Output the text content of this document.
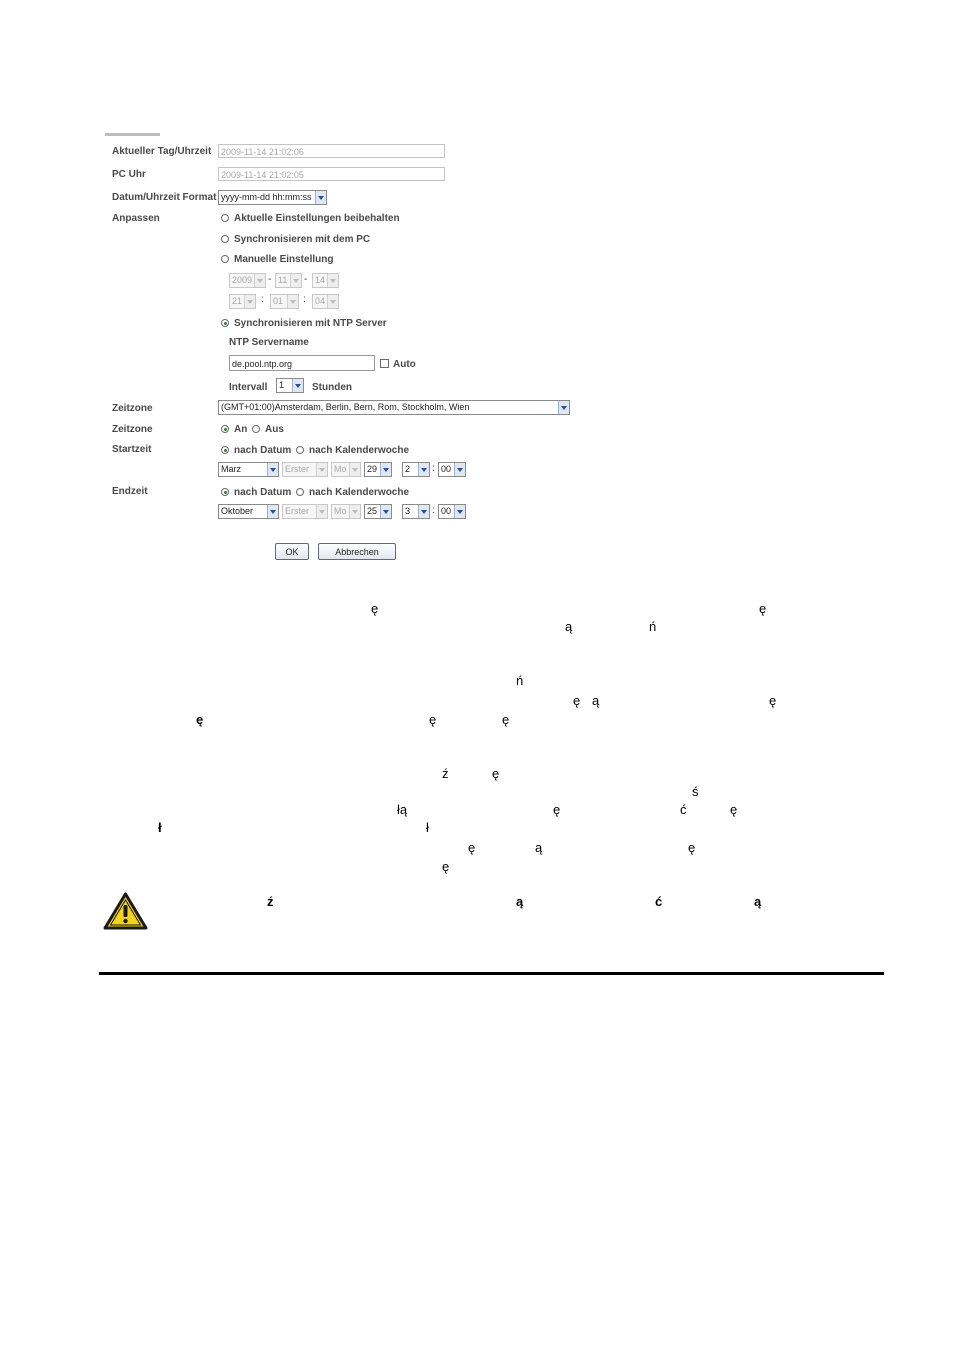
Aktueller Tag/Uhrzeit	2009-11-14 21:02:06
PC Uhr	2009-11-14 21:02:05
Datum/Uhrzeit Format yyyy-mm-dd hh:mm:ss
Anpassen	Aktuelle Einstellungen beibehalten
Synchronisieren mit dem PC
Manuelle Einstellung
2009	- 11	- 14
21	:	01	:	04
Synchronisieren mit NTP Server
NTP Servername
de.pool.ntp.org	Auto
Intervall	1	Stunden
Zeitzone	(GMT+01:00)Amsterdam, Berlin, Bern, Rom, Stockholm, Wien
Zeitzone	An Aus
Startzeit	nach Datum nach Kalenderwoche
Marz	Erster	Mo	29	2	: 00
Endzeit	nach Datum nach Kalenderwoche
Oktober	Erster	Mo	25	3	: 00
OK	Abbrechen
ę	ę
ą	ń
ń
ę ą	ę
ę	ę	ę
ź	ę
ś
łą	ę	ć	ę
ł	ł
ę	ą	ę
ę
ź	ą	ć	ą
